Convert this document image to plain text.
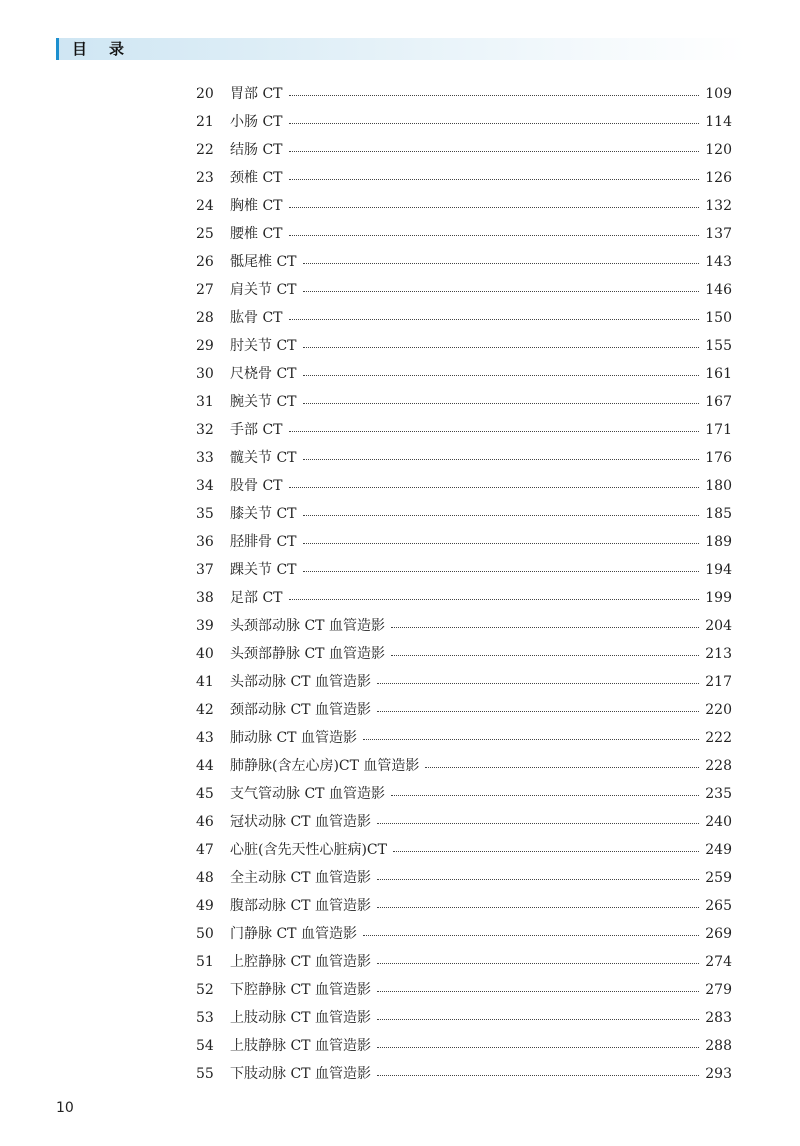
目录
20	胃部 CT	109
21	小肠 CT	114
22	结肠 CT	120
23	颈椎 CT	126
24	胸椎 CT	132
25	腰椎 CT	137
26	骶尾椎 CT	143
27	肩关节 CT	146
28	肱骨 CT	150
29	肘关节 CT	155
30	尺桡骨 CT	161
31	腕关节 CT	167
32	手部 CT	171
33	髋关节 CT	176
34	股骨 CT	180
35	膝关节 CT	185
36	胫腓骨 CT	189
37	踝关节 CT	194
38	足部 CT	199
39	头颈部动脉 CT 血管造影	204
40	头颈部静脉 CT 血管造影	213
41	头部动脉 CT 血管造影	217
42	颈部动脉 CT 血管造影	220
43	肺动脉 CT 血管造影	222
44	肺静脉(含左心房)CT 血管造影	228
45	支气管动脉 CT 血管造影	235
46	冠状动脉 CT 血管造影	240
47	心脏(含先天性心脏病)CT	249
48	全主动脉 CT 血管造影	259
49	腹部动脉 CT 血管造影	265
50	门静脉 CT 血管造影	269
51	上腔静脉 CT 血管造影	274
52	下腔静脉 CT 血管造影	279
53	上肢动脉 CT 血管造影	283
54	上肢静脉 CT 血管造影	288
55	下肢动脉 CT 血管造影	293
10
